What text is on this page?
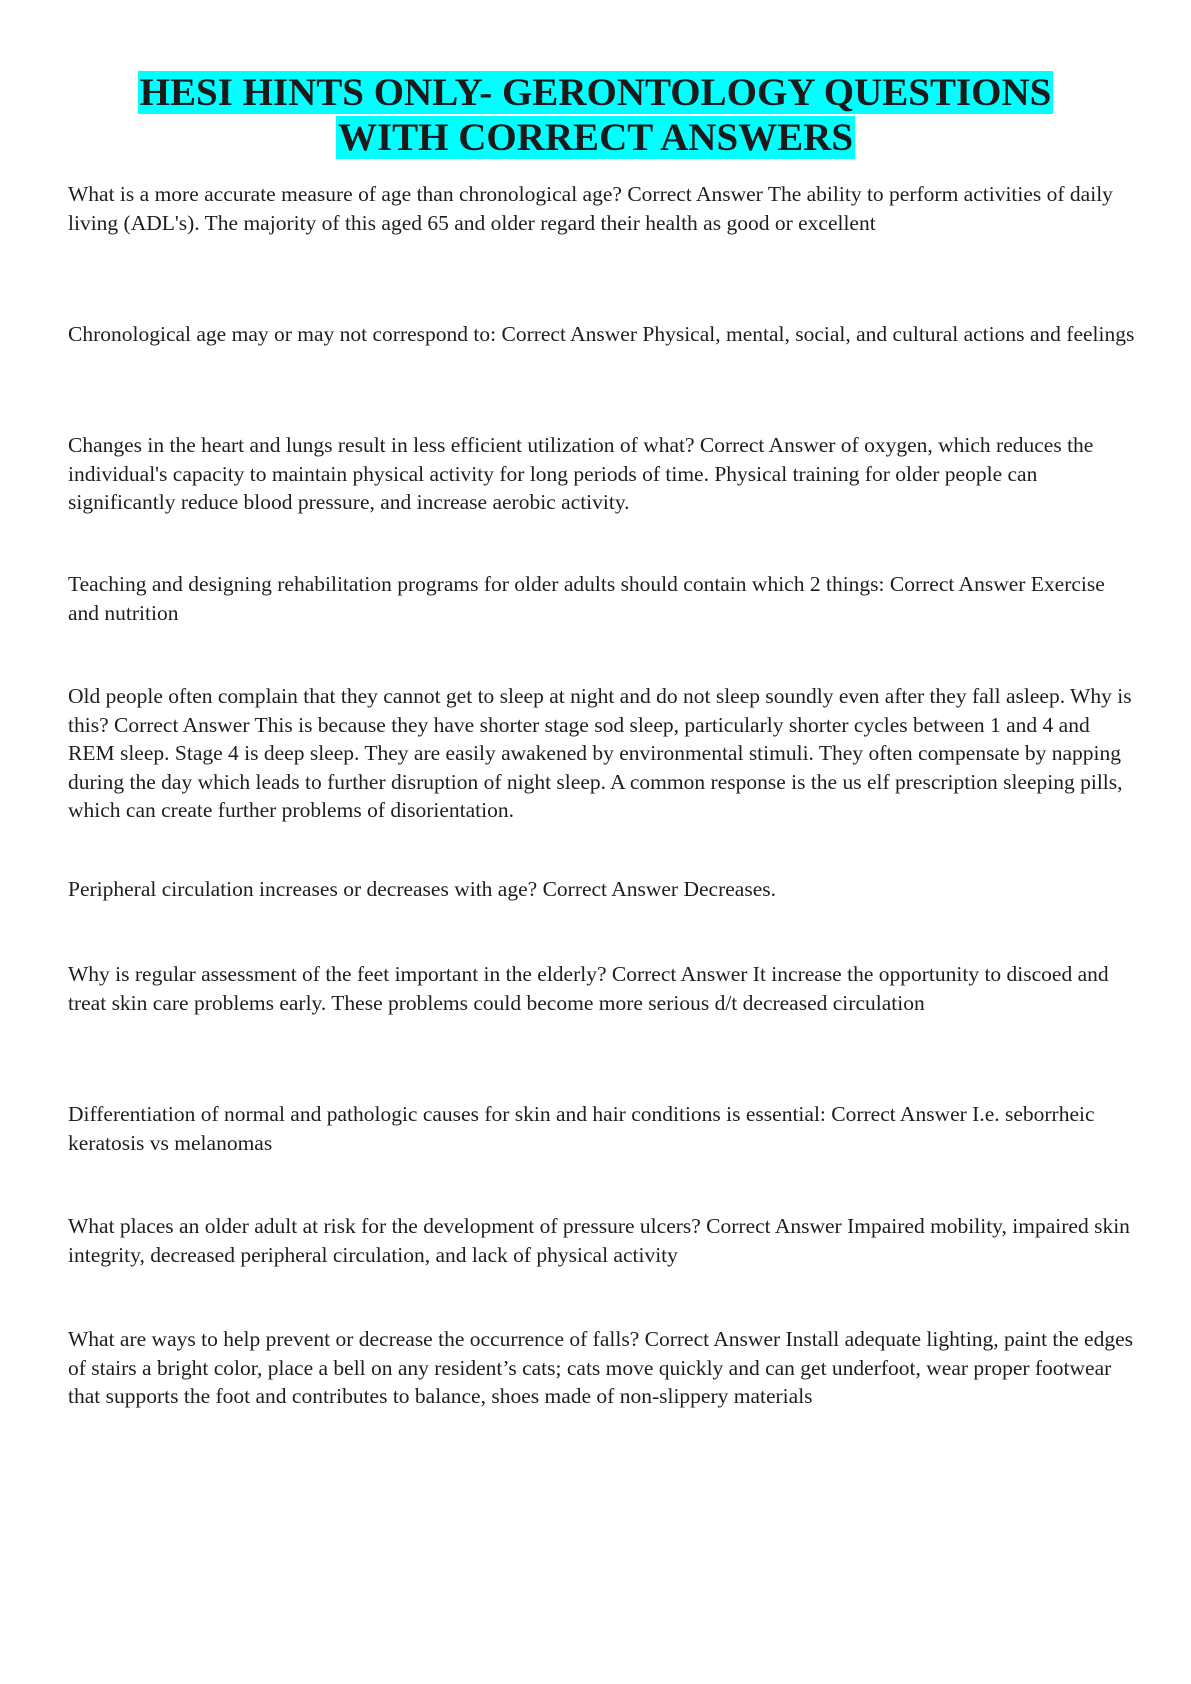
HESI HINTS ONLY- GERONTOLOGY QUESTIONS
WITH CORRECT ANSWERS

What is a more accurate measure of age than chronological age? Correct Answer The ability to perform activities of daily living (ADL's). The majority of this aged 65 and older regard their health as good or excellent

Chronological age may or may not correspond to: Correct Answer Physical, mental, social, and cultural actions and feelings

Changes in the heart and lungs result in less efficient utilization of what? Correct Answer of oxygen, which reduces the individual's capacity to maintain physical activity for long periods of time. Physical training for older people can significantly reduce blood pressure, and increase aerobic activity.

Teaching and designing rehabilitation programs for older adults should contain which 2 things: Correct Answer Exercise and nutrition

Old people often complain that they cannot get to sleep at night and do not sleep soundly even after they fall asleep. Why is this? Correct Answer This is because they have shorter stage sod sleep, particularly shorter cycles between 1 and 4 and REM sleep. Stage 4 is deep sleep. They are easily awakened by environmental stimuli. They often compensate by napping during the day which leads to further disruption of night sleep. A common response is the us elf prescription sleeping pills, which can create further problems of disorientation.

Peripheral circulation increases or decreases with age? Correct Answer Decreases.

Why is regular assessment of the feet important in the elderly? Correct Answer It increase the opportunity to discoed and treat skin care problems early. These problems could become more serious d/t decreased circulation

Differentiation of normal and pathologic causes for skin and hair conditions is essential: Correct Answer I.e. seborrheic keratosis vs melanomas

What places an older adult at risk for the development of pressure ulcers? Correct Answer Impaired mobility, impaired skin integrity, decreased peripheral circulation, and lack of physical activity

What are ways to help prevent or decrease the occurrence of falls? Correct Answer Install adequate lighting, paint the edges of stairs a bright color, place a bell on any resident’s cats; cats move quickly and can get underfoot, wear proper footwear that supports the foot and contributes to balance, shoes made of non-slippery materials
